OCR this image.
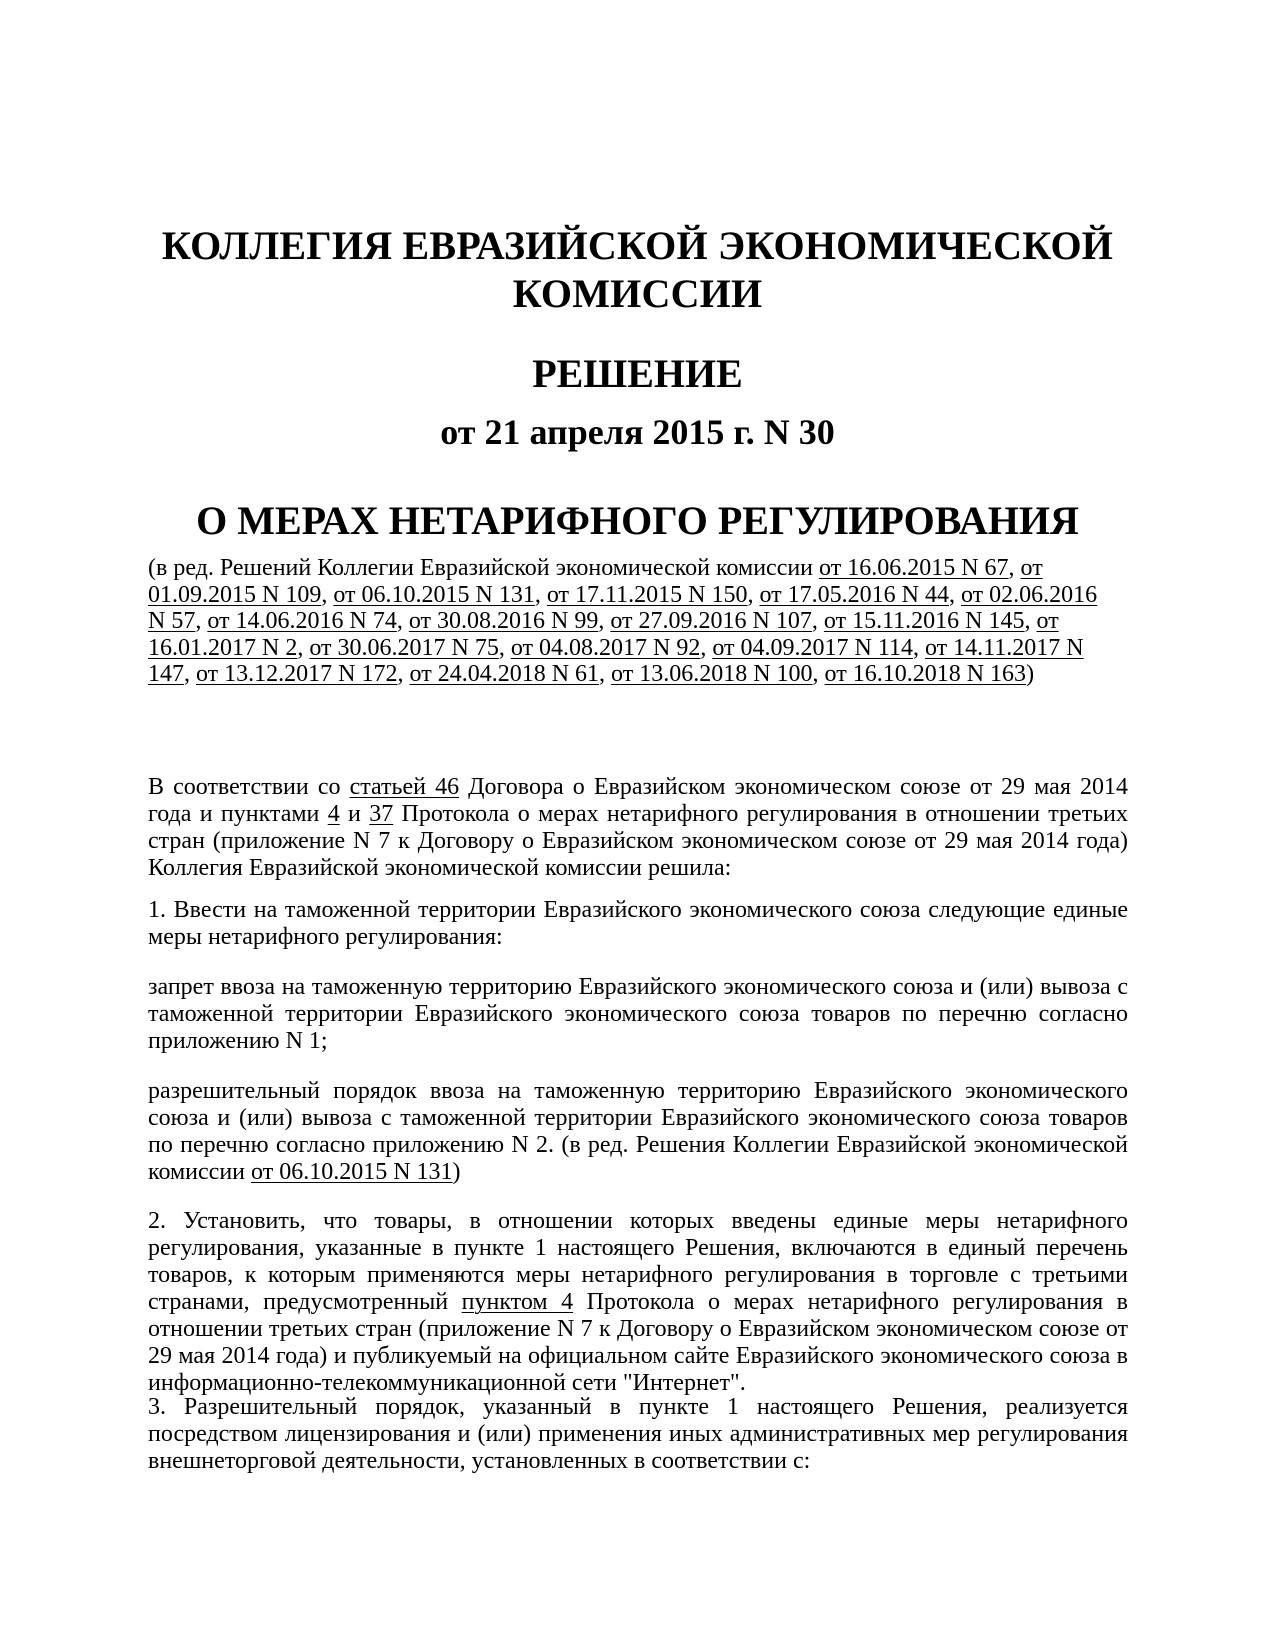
КОЛЛЕГИЯ ЕВРАЗИЙСКОЙ ЭКОНОМИЧЕСКОЙ КОМИССИИ
РЕШЕНИЕ
от 21 апреля 2015 г. N 30
О МЕРАХ НЕТАРИФНОГО РЕГУЛИРОВАНИЯ

(в ред. Решений Коллегии Евразийской экономической комиссии от 16.06.2015 N 67, от 01.09.2015 N 109, от 06.10.2015 N 131, от 17.11.2015 N 150, от 17.05.2016 N 44, от 02.06.2016 N 57, от 14.06.2016 N 74, от 30.08.2016 N 99, от 27.09.2016 N 107, от 15.11.2016 N 145, от 16.01.2017 N 2, от 30.06.2017 N 75, от 04.08.2017 N 92, от 04.09.2017 N 114, от 14.11.2017 N 147, от 13.12.2017 N 172, от 24.04.2018 N 61, от 13.06.2018 N 100, от 16.10.2018 N 163)

В соответствии со статьей 46 Договора о Евразийском экономическом союзе от 29 мая 2014 года и пунктами 4 и 37 Протокола о мерах нетарифного регулирования в отношении третьих стран (приложение N 7 к Договору о Евразийском экономическом союзе от 29 мая 2014 года) Коллегия Евразийской экономической комиссии решила:

1. Ввести на таможенной территории Евразийского экономического союза следующие единые меры нетарифного регулирования:

запрет ввоза на таможенную территорию Евразийского экономического союза и (или) вывоза с таможенной территории Евразийского экономического союза товаров по перечню согласно приложению N 1;

разрешительный порядок ввоза на таможенную территорию Евразийского экономического союза и (или) вывоза с таможенной территории Евразийского экономического союза товаров по перечню согласно приложению N 2. (в ред. Решения Коллегии Евразийской экономической комиссии от 06.10.2015 N 131)

2. Установить, что товары, в отношении которых введены единые меры нетарифного регулирования, указанные в пункте 1 настоящего Решения, включаются в единый перечень товаров, к которым применяются меры нетарифного регулирования в торговле с третьими странами, предусмотренный пунктом 4 Протокола о мерах нетарифного регулирования в отношении третьих стран (приложение N 7 к Договору о Евразийском экономическом союзе от 29 мая 2014 года) и публикуемый на официальном сайте Евразийского экономического союза в информационно-телекоммуникационной сети "Интернет".

3. Разрешительный порядок, указанный в пункте 1 настоящего Решения, реализуется посредством лицензирования и (или) применения иных административных мер регулирования внешнеторговой деятельности, установленных в соответствии с:
